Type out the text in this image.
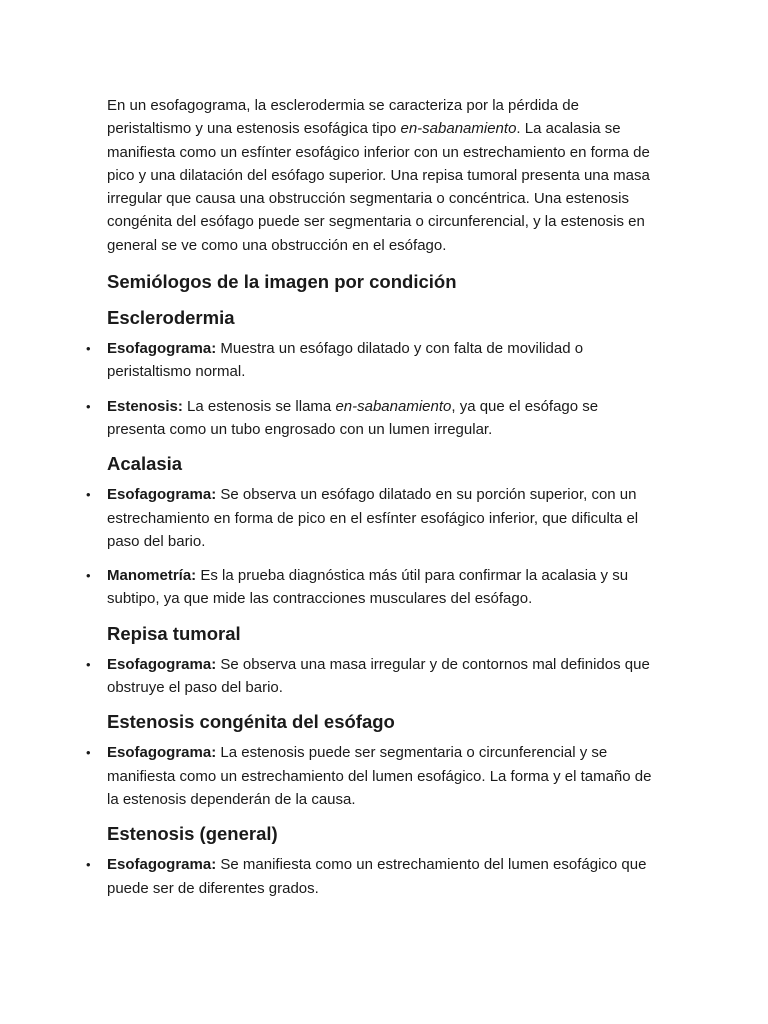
En un esofagograma, la esclerodermia se caracteriza por la pérdida de peristaltismo y una estenosis esofágica tipo en-sabanamiento. La acalasia se manifiesta como un esfínter esofágico inferior con un estrechamiento en forma de pico y una dilatación del esófago superior. Una repisa tumoral presenta una masa irregular que causa una obstrucción segmentaria o concéntrica. Una estenosis congénita del esófago puede ser segmentaria o circunferencial, y la estenosis en general se ve como una obstrucción en el esófago.

Semiólogos de la imagen por condición
Esclerodermia
• Esofagograma: Muestra un esófago dilatado y con falta de movilidad o peristaltismo normal.
• Estenosis: La estenosis se llama en-sabanamiento, ya que el esófago se presenta como un tubo engrosado con un lumen irregular.
Acalasia
• Esofagograma: Se observa un esófago dilatado en su porción superior, con un estrechamiento en forma de pico en el esfínter esofágico inferior, que dificulta el paso del bario.
• Manometría: Es la prueba diagnóstica más útil para confirmar la acalasia y su subtipo, ya que mide las contracciones musculares del esófago.
Repisa tumoral
• Esofagograma: Se observa una masa irregular y de contornos mal definidos que obstruye el paso del bario.
Estenosis congénita del esófago
• Esofagograma: La estenosis puede ser segmentaria o circunferencial y se manifiesta como un estrechamiento del lumen esofágico. La forma y el tamaño de la estenosis dependerán de la causa.
Estenosis (general)
• Esofagograma: Se manifiesta como un estrechamiento del lumen esofágico que puede ser de diferentes grados.
